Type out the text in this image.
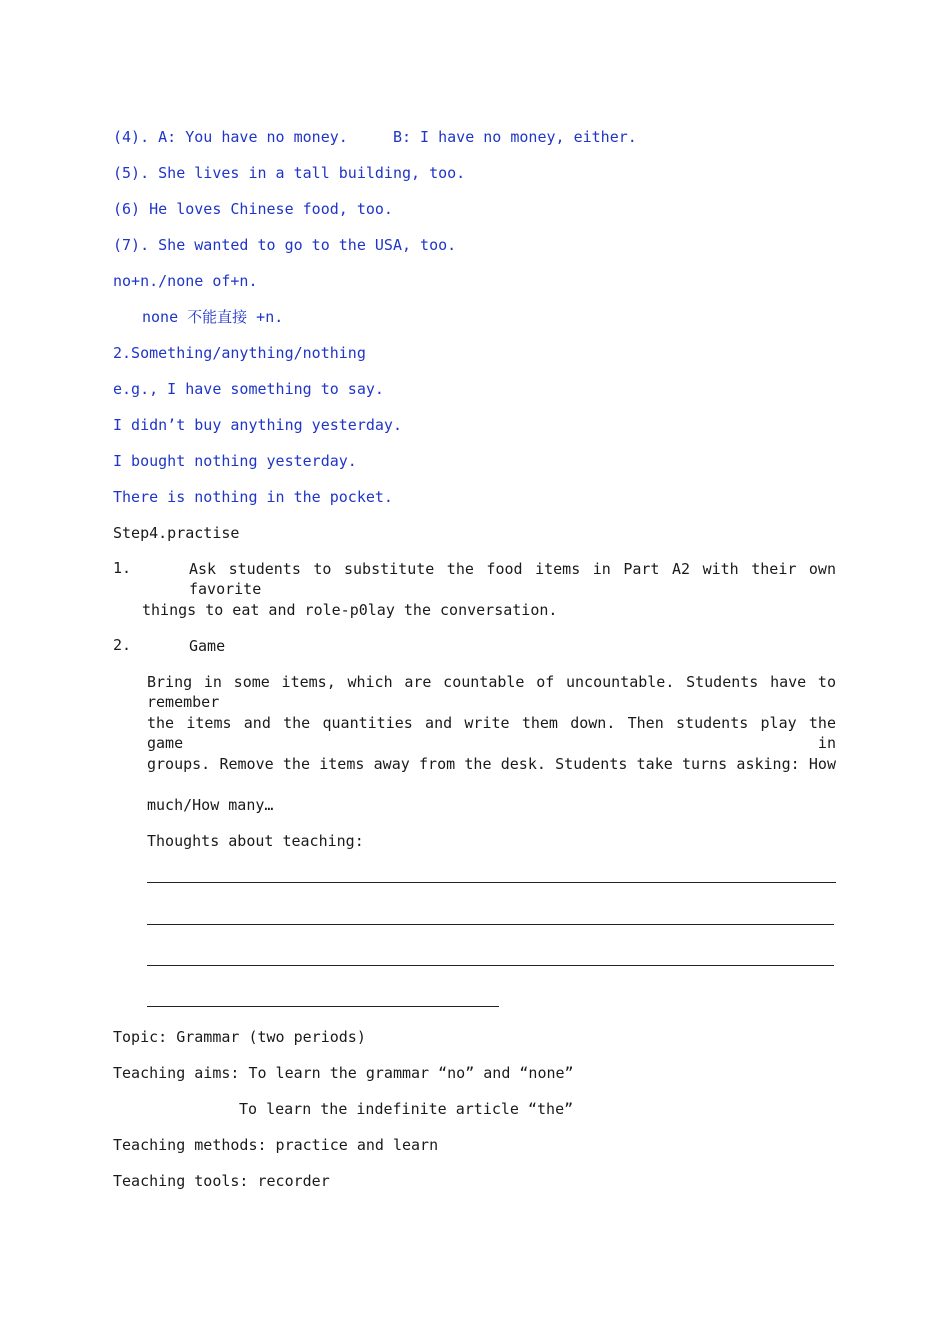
(4). A: You have no money.     B: I have no money, either.
(5). She lives in a tall building, too.
(6) He loves Chinese food, too.
(7). She wanted to go to the USA, too.
no+n./none of+n.
none 不能直接 +n.
2.Something/anything/nothing
e.g., I have something to say.
I didn’t buy anything yesterday.
I bought nothing yesterday.
There is nothing in the pocket.
Step4.practise
1.	Ask students to substitute the food items in Part A2 with their own favorite
things to eat and role-p0lay the conversation.
2.	Game
Bring in some items, which are countable of uncountable. Students have to remember
the items and the quantities and write them down. Then students play the game in
groups. Remove the items away from the desk. Students take turns asking: How
much/How many…
Thoughts about teaching:
Topic: Grammar (two periods)
Teaching aims: To learn the grammar “no” and “none”
To learn the indefinite article “the”
Teaching methods: practice and learn
Teaching tools: recorder
